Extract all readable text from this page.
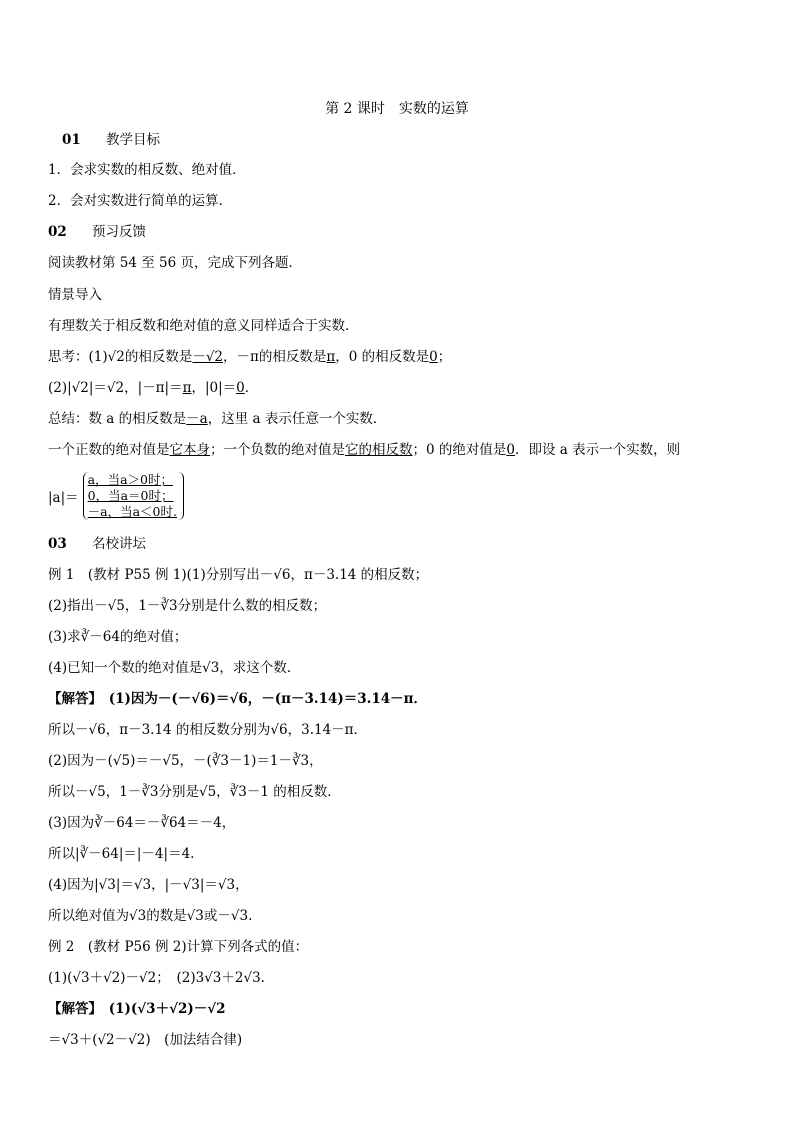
第 2 课时　实数的运算
01 教学目标
1．会求实数的相反数、绝对值．
2．会对实数进行简单的运算．
02 预习反馈
阅读教材第 54 至 56 页，完成下列各题．
情景导入
有理数关于相反数和绝对值的意义同样适合于实数．
思考：(1)√2的相反数是－√2，－π的相反数是π，0 的相反数是0；
(2)|√2|＝√2，|－π|＝π，|0|＝0．
总结：数 a 的相反数是－a，这里 a 表示任意一个实数．
一个正数的绝对值是它本身；一个负数的绝对值是它的相反数；0 的绝对值是0．即设 a 表示一个实数，则
|a|＝
a，当a＞0时；
0，当a＝0时；
－a，当a＜0时.
03 名校讲坛
例 1　(教材 P55 例 1)(1)分别写出－√6，π－3.14 的相反数；
(2)指出－√5，1－∛3分别是什么数的相反数；
(3)求∛－64的绝对值；
(4)已知一个数的绝对值是√3，求这个数．
【解答】　(1)因为－(－√6)＝√6，－(π－3.14)＝3.14－π．
所以－√6，π－3.14 的相反数分别为√6，3.14－π．
(2)因为－(√5)＝－√5，－(∛3－1)＝1－∛3，
所以－√5，1－∛3分别是√5，∛3－1 的相反数．
(3)因为∛－64＝－∛64＝－4，
所以|∛－64|＝|－4|＝4.
(4)因为|√3|＝√3，|－√3|＝√3，
所以绝对值为√3的数是√3或－√3.
例 2　(教材 P56 例 2)计算下列各式的值：
(1)(√3＋√2)－√2；　(2)3√3＋2√3.
【解答】　(1)(√3＋√2)－√2
＝√3＋(√2－√2)　(加法结合律)
